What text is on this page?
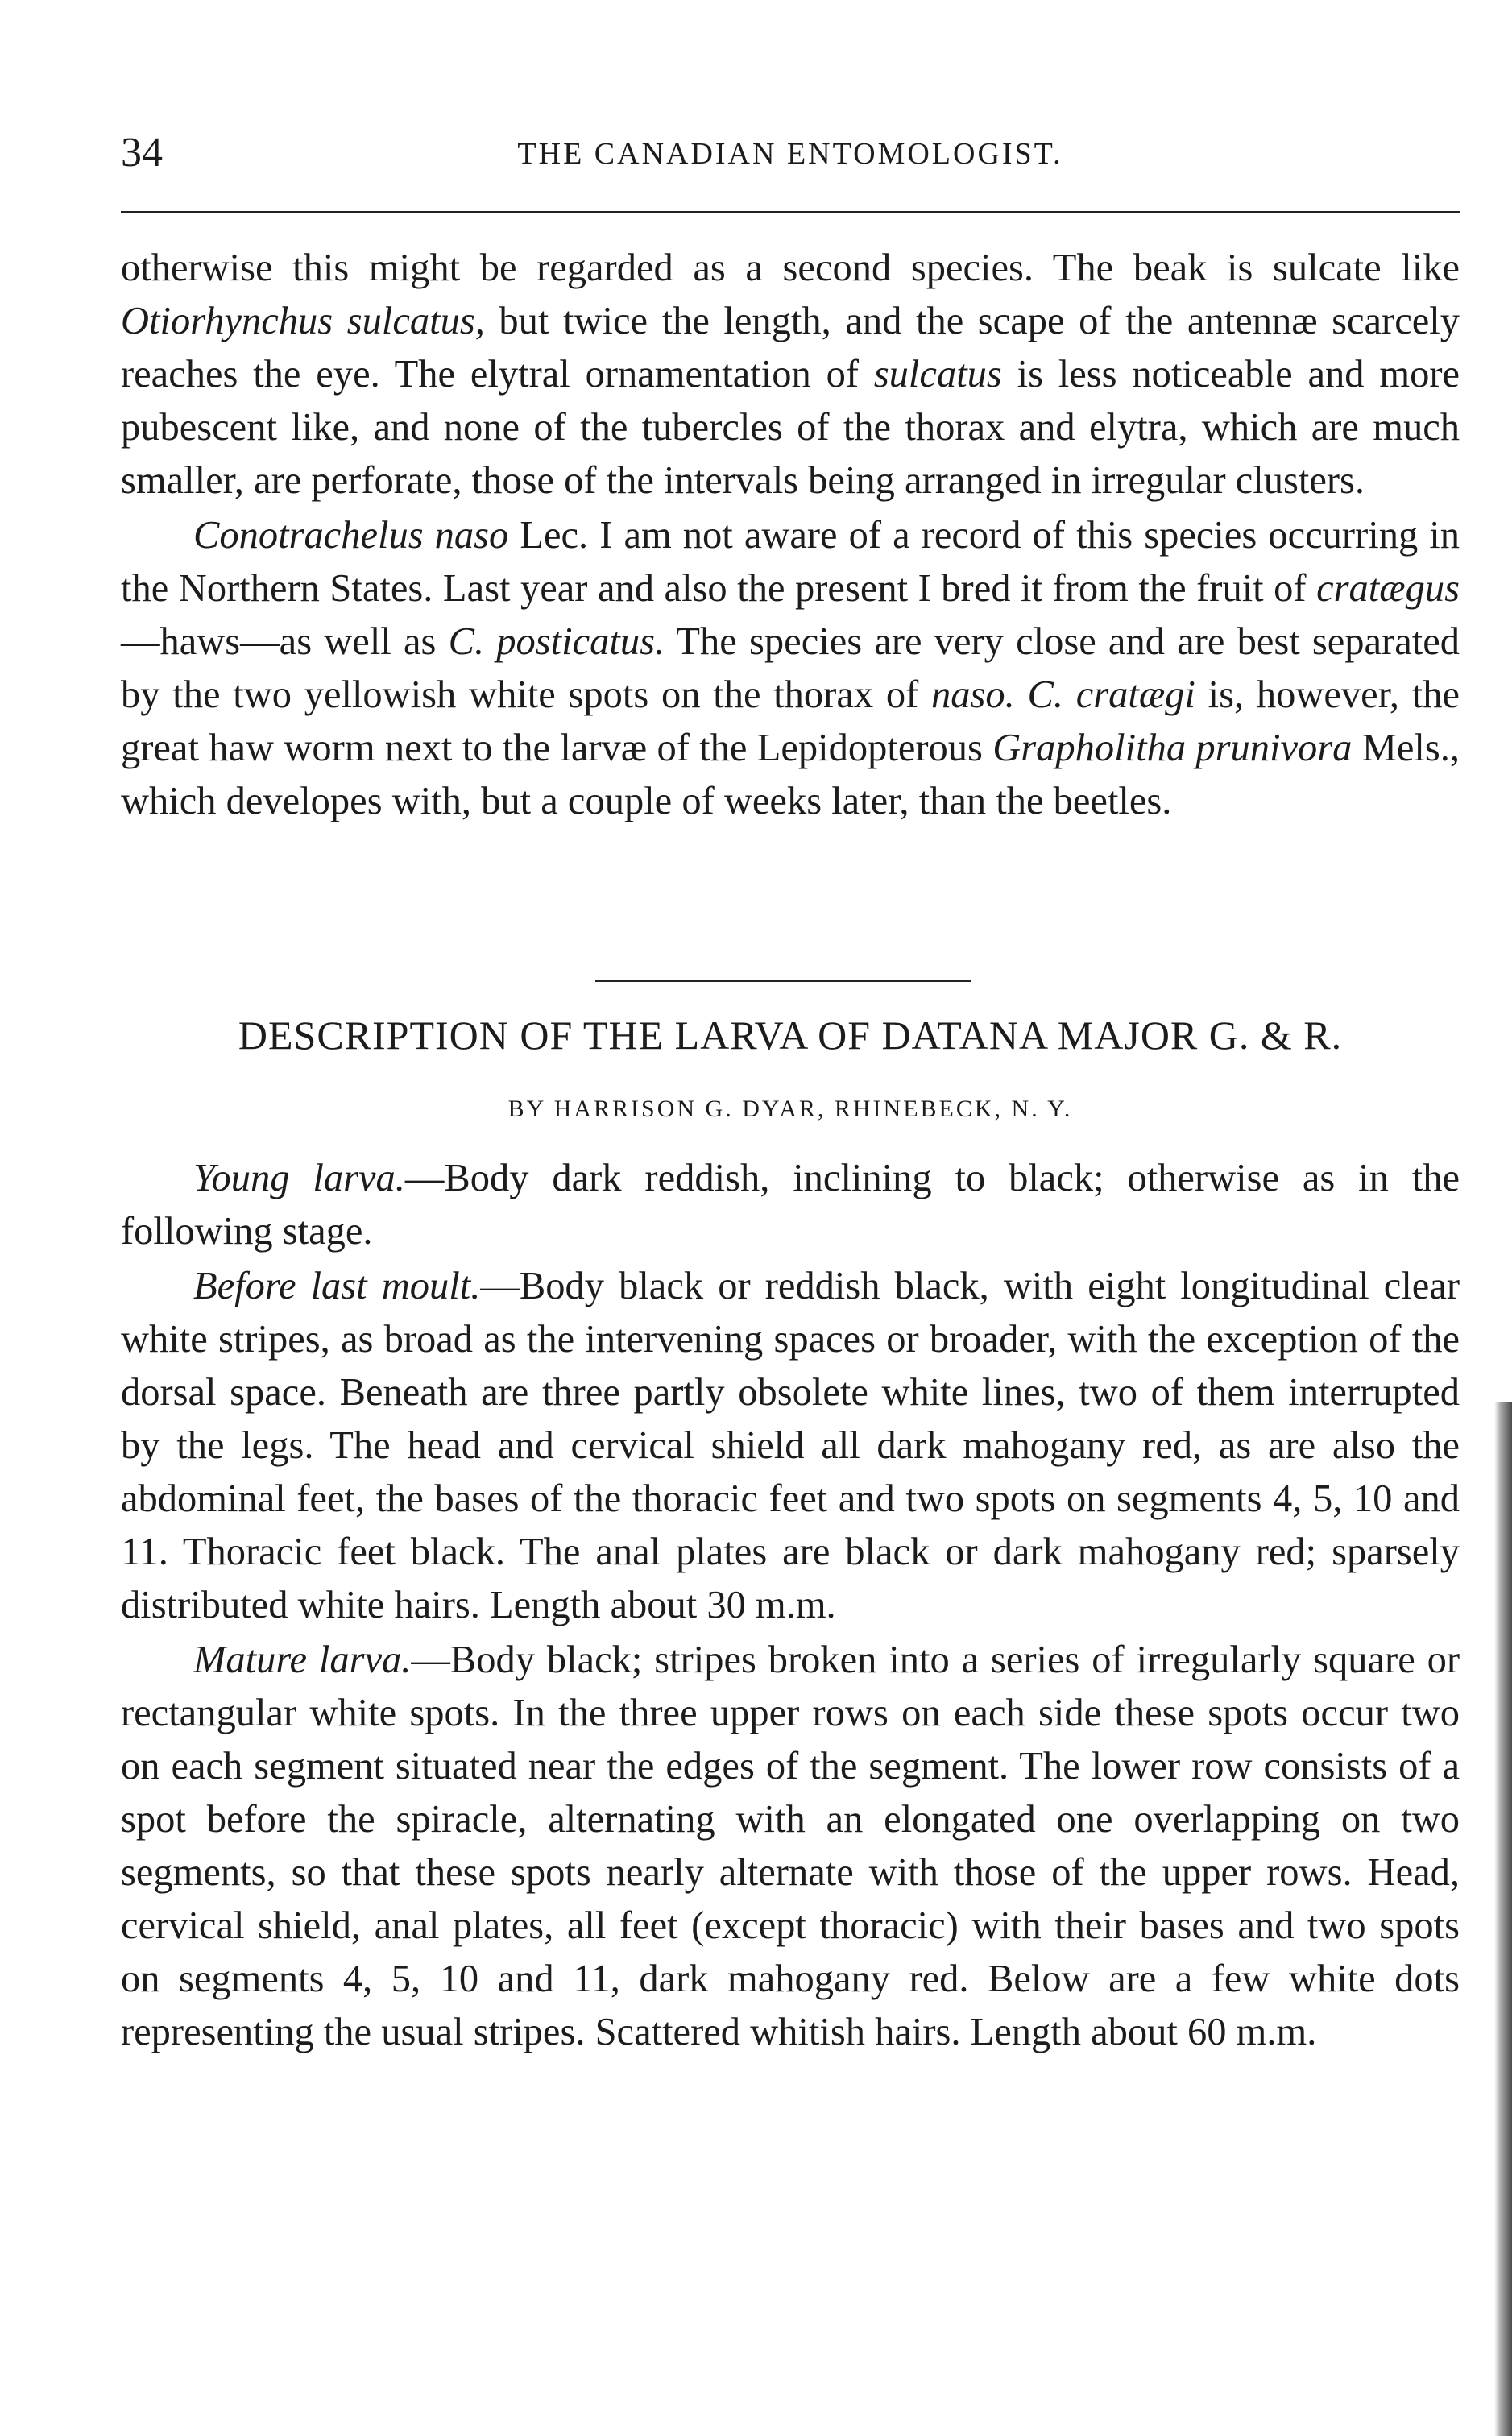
34	THE CANADIAN ENTOMOLOGIST.

otherwise this might be regarded as a second species. The beak is sulcate like Otiorhynchus sulcatus, but twice the length, and the scape of the antennæ scarcely reaches the eye. The elytral ornamentation of sulcatus is less noticeable and more pubescent like, and none of the tubercles of the thorax and elytra, which are much smaller, are perforate, those of the intervals being arranged in irregular clusters.

Conotrachelus naso Lec. I am not aware of a record of this species occurring in the Northern States. Last year and also the present I bred it from the fruit of cratægus—haws—as well as C. posticatus. The species are very close and are best separated by the two yellowish white spots on the thorax of naso. C. cratægi is, however, the great haw worm next to the larvæ of the Lepidopterous Grapholitha prunivora Mels., which developes with, but a couple of weeks later, than the beetles.

DESCRIPTION OF THE LARVA OF DATANA MAJOR G. & R.
BY HARRISON G. DYAR, RHINEBECK, N. Y.

Young larva.—Body dark reddish, inclining to black; otherwise as in the following stage.

Before last moult.—Body black or reddish black, with eight longitudinal clear white stripes, as broad as the intervening spaces or broader, with the exception of the dorsal space. Beneath are three partly obsolete white lines, two of them interrupted by the legs. The head and cervical shield all dark mahogany red, as are also the abdominal feet, the bases of the thoracic feet and two spots on segments 4, 5, 10 and 11. Thoracic feet black. The anal plates are black or dark mahogany red; sparsely distributed white hairs. Length about 30 m.m.

Mature larva.—Body black; stripes broken into a series of irregularly square or rectangular white spots. In the three upper rows on each side these spots occur two on each segment situated near the edges of the segment. The lower row consists of a spot before the spiracle, alternating with an elongated one overlapping on two segments, so that these spots nearly alternate with those of the upper rows. Head, cervical shield, anal plates, all feet (except thoracic) with their bases and two spots on segments 4, 5, 10 and 11, dark mahogany red. Below are a few white dots representing the usual stripes. Scattered whitish hairs. Length about 60 m.m.
